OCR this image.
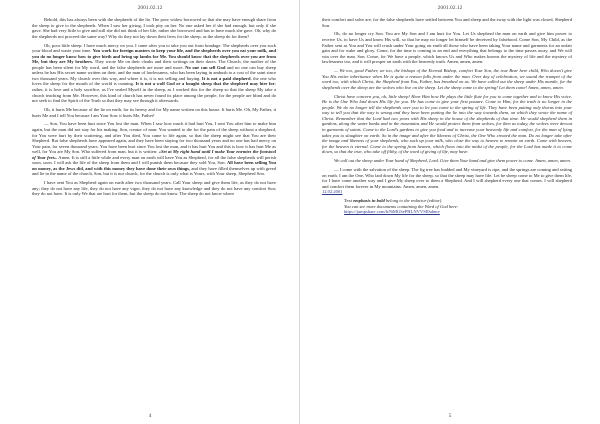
2001.02.12

Behold, this has always been with the shepherds of the lie. The poor widow borrowed so that she may have enough share from the sheep to give to the shepherds. When I saw her giving, I took pity on her. No one asked her if she had enough, but only if she gave. She had very little to give and still she did not think of her life, rather she borrowed and has to have much she gave. Oh, why do the shepherds not proceed the same way? Why do they not lay down their lives for the sheep, as the sheep do for them?

Oh, poor little sheep. I have much mercy on you. I came after you to take you out from bondage. The shepherds over you suck your blood and waste your time. You work for foreign masters to keep your life, and the shepherds over you eat your milk, and you do no longer know how to give birth and bring up lambs for Me. You should know that the shepherds over you are from Me, but they are My brothers. They wrote Me on their cloaks and their writings on their doors. The Church, the mother of the people has been silent for My word, and the false shepherds are more and more. No one can sell God and no one can buy sheep unless he has His secret name written on their, and the man of lawlessness, who has been laying in ambush to a cost of the saint since two thousand years. My church over this way, and where it is, it is not selling and buying. It is not a paid shepherd, the one who loves the sheep for the mouth of the world is cunning. It is not a wolf God or a bought sheep that the shepherd may hire for; rather, it is love and a holy sacrifice, as I've sealed Myself in the sheep, as I worked this for the sheep so that the sheep My take a church teaching from Me. However, this kind of church has never found its place among the people, for the people are blind and do not seek to find the Spirit of the Truth so that they may see through it afterwards.

Oh, it hurts Me because of the lie on earth, for its heresy and for My name written on this house. It hurts Me. Oh, My Father, it hurts Me and I tell You because I am Your Son: it hurts Me, Father!

— Son, You have been hurt since You lost the man. When I saw how much it had hurt You, I sent You after him to make him again, but the man did not stay for his making. Son, creator of man: You wanted to die for the pain of the sheep without a shepherd, for You were hurt by their scattering, and after You died, You came to life again, so that the sheep might see that You are their Shepherd. But false shepherds have appeared again, and they have been staying for two thousand years and no one has had mercy on Your pain, for seven thousand years. You have been hurt since You lost the man, and it has hurt You and this is how it has hurt Me as well, for You are My Son. Who suffered from man, but it is written: «Set at My right hand until I make Your enemies the footstool of Your feet». Amen. It is still a little while and every man on earth will have You as Shepherd, for all the false shepherds will perish soon, soon. I will ask the life of the sheep from them and I will punish them because they sold You, Son. All have been selling You on money, as the Jews did, and with this money they have done their own things, and they have filled themselves up with greed and lie in the name of the church, Son, but it is not church, for the church is only what is Yours, with Your sheep, Shepherd Son.

I have sent You as Shepherd again on earth after two thousand years. Call Your sheep and give them life, as they do not have any; they do not have any life, they do not have any vigor, they do not have any knowledge and they do not have any comfort Son; they do not have. It is only We that are hurt for them, but the sheep do not know. The sheep do not know where

4
2001.02.12

their comfort and salve are, for the false shepherds have settled between You and sheep and the sway with the light was closed, Shepherd Son.

Oh, do no longer cry Son. You are My Son and I am hurt for You. Let Us shepherd the man on earth and give him power to receive Us, to have Us and know His will, so that he may no longer let himself be deceived by falsehood. Come Son, My Child, as the Father sent as You and You will crush under Your going on earth all those who have been taking Your name and garments for an unfair gain and for wake and glory. Come, for the time is coming to an end and everything that belongs to the time passes away, and We will win over the man. Son. Come, for We have a people, which knows Us and Who makes known the mystery of life and the mystery of lawlessness too, and it will prosper on earth with the heavenly truth. Amen, amen, amen.

— We too, good Father, we too, the bishops of the Eternal Bishop, comfort Your Son, the true Bear here child, Who doesn't give You His entire inheritance when He is quite a reason falls from under the man. Over day of celebration, we sound the trumpet of the word too, with which Christ, the Shepherd from You, Father, has breathed on us. We have called out the sheep under His mantle, for the shepherds over the sheep are the wolves who live on the sheep. Let the sheep come to the spring! Let them come! Amen, amen, amen.

Christ have concern you, oh, little sheep! Hear Him how He plays the little flute for you to come together and to know His voice. He is the One Who laid down His life for you. He has come to give your first pasture. Come to Him, for the truth is no longer in the people. We do no longer tell the shepherds over you to let you come to the spring of life. They have been putting only thorns into your way to tell you that the way is wrong and they have been putting the lie into the way towards them, on which they wrote the name of Christ. Remember that the Lord had two years with His sheep in the house of the shepherds of that time. He would shepherd them in gardens, along the water banks and in the mountains and He would protect them from wolves, for then as today, the wolves were devout in garments of saints. Come to the Lord's gardens to give you food and to increase your heavenly life and comfort, for the man of lying takes you to slaughter on earth. So in the image and after the likeness of Christ, the One Who created the man. Do no longer take after the image and likeness of your shepherds, who suck up your milk, who close the way to heaven to remain on earth. Come with heaven, for the heaven is eternal. Come to the spring from heaven, which flows into the midst of the people, for the Lord has made it to come down, so that the true, who take off filthy, of the word of giving of life, may have.

We call out the sheep under Your hand of Shepherd, Lord. Give them Your hand and give them power to come. Amen, amen, amen.

— I come with the salvation of the sheep. The fig tree has budded and My vineyard is ripe, and the springs are coming and setting on earth. I am the One, Who laid down My life for the sheep, so that the sheep may have life. Let be sheep come to Me to give them life, for I have come another way and I give My sheep over to them a Shepherd. And I will shepherd every one that comes. I will shepherd and comfort them forever in My mountains. Amen, amen, amen.
12.02.2001

Text emphasis in bold belong to the redactor (editor).

You can see more documents containing the Word of God here:

https://jumpshare.com/b/8tMGSePHLNVVSI0ubmv

5
